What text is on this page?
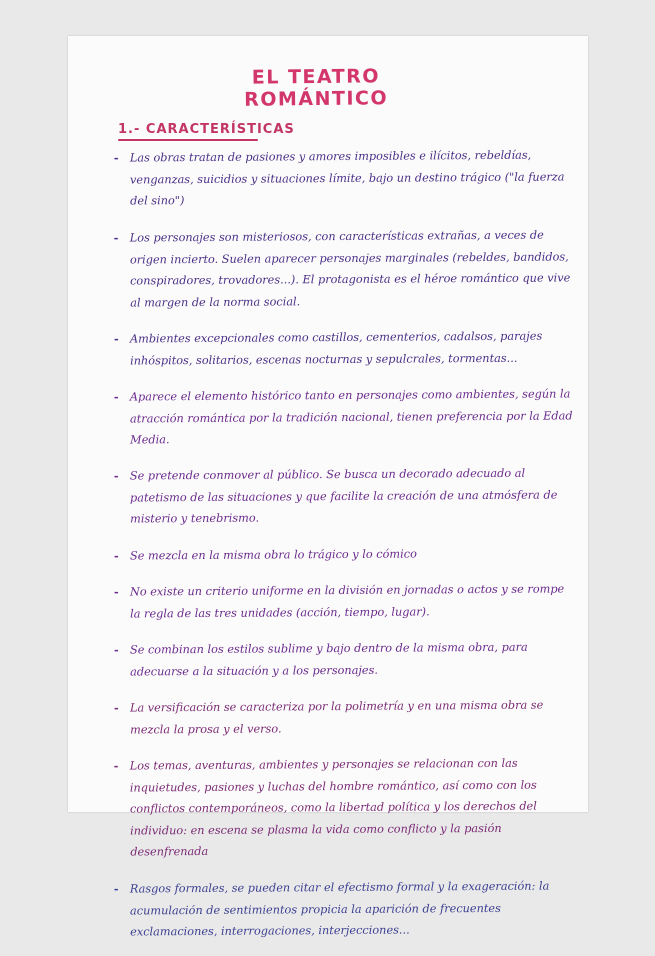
EL TEATRO ROMÁNTICO
1.- CARACTERÍSTICAS
- Las obras tratan de pasiones y amores imposibles e ilícitos, rebeldías, venganzas, suicidios y situaciones límite, bajo un destino trágico ("la fuerza del sino")
- Los personajes son misteriosos, con características extrañas, a veces de origen incierto. Suelen aparecer personajes marginales (rebeldes, bandidos, conspiradores, trovadores...). El protagonista es el héroe romántico que vive al margen de la norma social.
- Ambientes excepcionales como castillos, cementerios, cadalsos, parajes inhóspitos, solitarios, escenas nocturnas y sepulcrales, tormentas...
- Aparece el elemento histórico tanto en personajes como ambientes, según la atracción romántica por la tradición nacional, tienen preferencia por la Edad Media.
- Se pretende conmover al público. Se busca un decorado adecuado al patetismo de las situaciones y que facilite la creación de una atmósfera de misterio y tenebrismo.
- Se mezcla en la misma obra lo trágico y lo cómico
- No existe un criterio uniforme en la división en jornadas o actos y se rompe la regla de las tres unidades (acción, tiempo, lugar).
- Se combinan los estilos sublime y bajo dentro de la misma obra, para adecuarse a la situación y a los personajes.
- La versificación se caracteriza por la polimetría y en una misma obra se mezcla la prosa y el verso.
- Los temas, aventuras, ambientes y personajes se relacionan con las inquietudes, pasiones y luchas del hombre romántico, así como con los conflictos contemporáneos, como la libertad política y los derechos del individuo: en escena se plasma la vida como conflicto y la pasión desenfrenada
- Rasgos formales, se pueden citar el efectismo formal y la exageración: la acumulación de sentimientos propicia la aparición de frecuentes exclamaciones, interrogaciones, interjecciones...
